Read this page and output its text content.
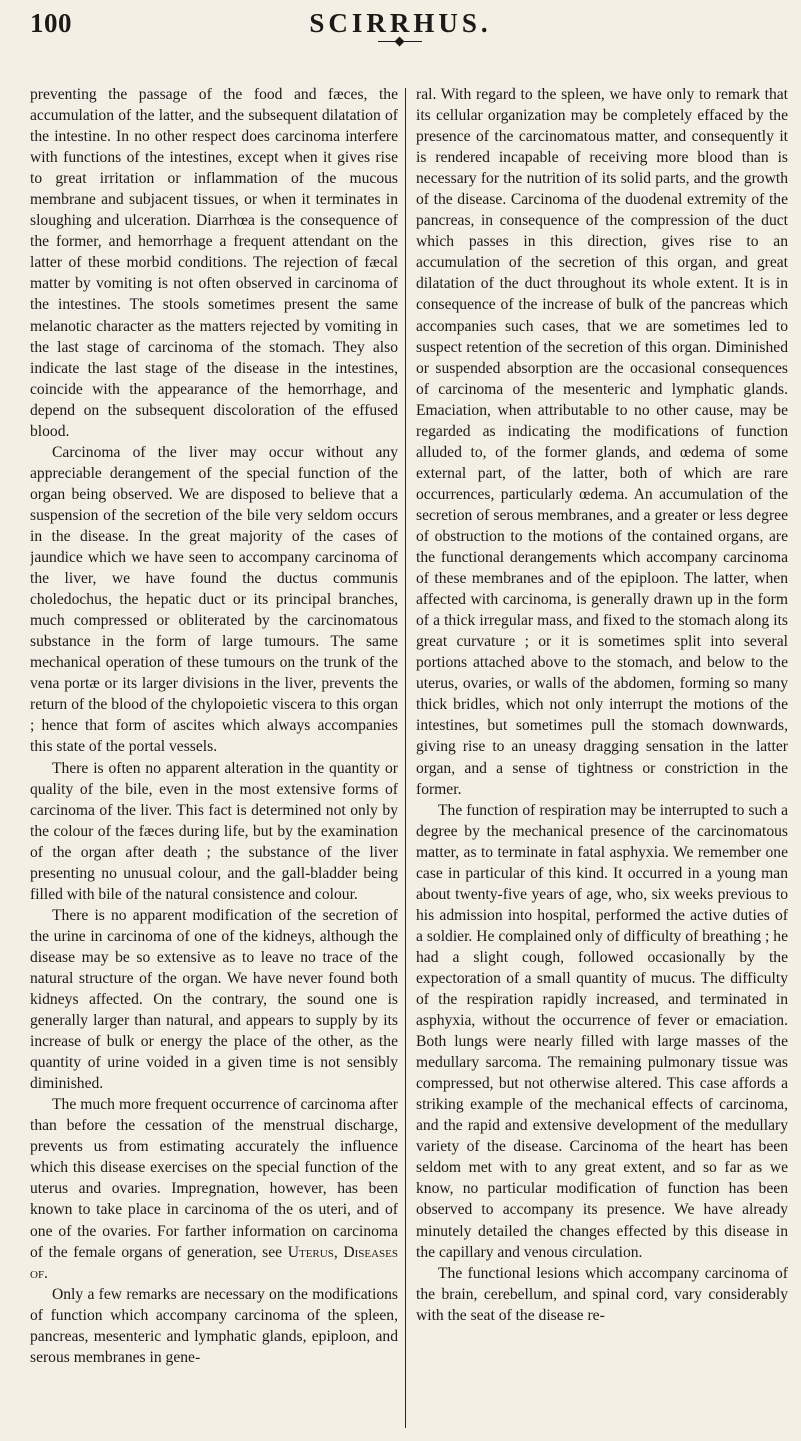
100	SCIRRHUS.

preventing the passage of the food and fæces, the accumulation of the latter, and the subsequent dilatation of the intestine. In no other respect does carcinoma interfere with functions of the intestines, except when it gives rise to great irritation or inflammation of the mucous membrane and subjacent tissues, or when it terminates in sloughing and ulceration. Diarrhœa is the consequence of the former, and hemorrhage a frequent attendant on the latter of these morbid conditions. The rejection of fæcal matter by vomiting is not often observed in carcinoma of the intestines. The stools sometimes present the same melanotic character as the matters rejected by vomiting in the last stage of carcinoma of the stomach. They also indicate the last stage of the disease in the intestines, coincide with the appearance of the hemorrhage, and depend on the subsequent discoloration of the effused blood.

Carcinoma of the liver may occur without any appreciable derangement of the special function of the organ being observed. We are disposed to believe that a suspension of the secretion of the bile very seldom occurs in the disease. In the great majority of the cases of jaundice which we have seen to accompany carcinoma of the liver, we have found the ductus communis choledochus, the hepatic duct or its principal branches, much compressed or obliterated by the carcinomatous substance in the form of large tumours. The same mechanical operation of these tumours on the trunk of the vena portæ or its larger divisions in the liver, prevents the return of the blood of the chylopoietic viscera to this organ ; hence that form of ascites which always accompanies this state of the portal vessels.

There is often no apparent alteration in the quantity or quality of the bile, even in the most extensive forms of carcinoma of the liver. This fact is determined not only by the colour of the fæces during life, but by the examination of the organ after death ; the substance of the liver presenting no unusual colour, and the gall-bladder being filled with bile of the natural consistence and colour.

There is no apparent modification of the secretion of the urine in carcinoma of one of the kidneys, although the disease may be so extensive as to leave no trace of the natural structure of the organ. We have never found both kidneys affected. On the contrary, the sound one is generally larger than natural, and appears to supply by its increase of bulk or energy the place of the other, as the quantity of urine voided in a given time is not sensibly diminished.

The much more frequent occurrence of carcinoma after than before the cessation of the menstrual discharge, prevents us from estimating accurately the influence which this disease exercises on the special function of the uterus and ovaries. Impregnation, however, has been known to take place in carcinoma of the os uteri, and of one of the ovaries. For farther information on carcinoma of the female organs of generation, see Uterus, Diseases of.

Only a few remarks are necessary on the modifications of function which accompany carcinoma of the spleen, pancreas, mesenteric and lymphatic glands, epiploon, and serous membranes in gene-

ral. With regard to the spleen, we have only to remark that its cellular organization may be completely effaced by the presence of the carcinomatous matter, and consequently it is rendered incapable of receiving more blood than is necessary for the nutrition of its solid parts, and the growth of the disease. Carcinoma of the duodenal extremity of the pancreas, in consequence of the compression of the duct which passes in this direction, gives rise to an accumulation of the secretion of this organ, and great dilatation of the duct throughout its whole extent. It is in consequence of the increase of bulk of the pancreas which accompanies such cases, that we are sometimes led to suspect retention of the secretion of this organ. Diminished or suspended absorption are the occasional consequences of carcinoma of the mesenteric and lymphatic glands. Emaciation, when attributable to no other cause, may be regarded as indicating the modifications of function alluded to, of the former glands, and œdema of some external part, of the latter, both of which are rare occurrences, particularly œdema. An accumulation of the secretion of serous membranes, and a greater or less degree of obstruction to the motions of the contained organs, are the functional derangements which accompany carcinoma of these membranes and of the epiploon. The latter, when affected with carcinoma, is generally drawn up in the form of a thick irregular mass, and fixed to the stomach along its great curvature ; or it is sometimes split into several portions attached above to the stomach, and below to the uterus, ovaries, or walls of the abdomen, forming so many thick bridles, which not only interrupt the motions of the intestines, but sometimes pull the stomach downwards, giving rise to an uneasy dragging sensation in the latter organ, and a sense of tightness or constriction in the former.

The function of respiration may be interrupted to such a degree by the mechanical presence of the carcinomatous matter, as to terminate in fatal asphyxia. We remember one case in particular of this kind. It occurred in a young man about twenty-five years of age, who, six weeks previous to his admission into hospital, performed the active duties of a soldier. He complained only of difficulty of breathing ; he had a slight cough, followed occasionally by the expectoration of a small quantity of mucus. The difficulty of the respiration rapidly increased, and terminated in asphyxia, without the occurrence of fever or emaciation. Both lungs were nearly filled with large masses of the medullary sarcoma. The remaining pulmonary tissue was compressed, but not otherwise altered. This case affords a striking example of the mechanical effects of carcinoma, and the rapid and extensive development of the medullary variety of the disease. Carcinoma of the heart has been seldom met with to any great extent, and so far as we know, no particular modification of function has been observed to accompany its presence. We have already minutely detailed the changes effected by this disease in the capillary and venous circulation.

The functional lesions which accompany carcinoma of the brain, cerebellum, and spinal cord, vary considerably with the seat of the disease re-
